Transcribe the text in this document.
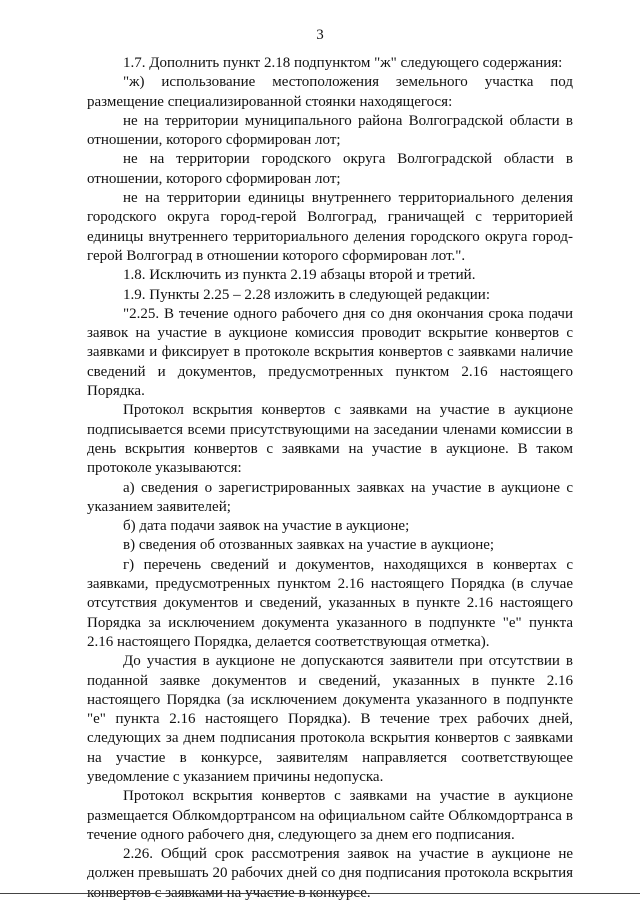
3

1.7. Дополнить пункт 2.18 подпунктом "ж" следующего содержания:

"ж) использование местоположения земельного участка под размещение специализированной стоянки находящегося:

не на территории муниципального района Волгоградской области в отношении, которого сформирован лот;

не на территории городского округа Волгоградской области в отношении, которого сформирован лот;

не на территории единицы внутреннего территориального деления городского округа город-герой Волгоград, граничащей с территорией единицы внутреннего территориального деления городского округа город-герой Волгоград в отношении которого сформирован лот.".

1.8. Исключить из пункта 2.19 абзацы второй и третий.

1.9. Пункты 2.25 – 2.28 изложить в следующей редакции:

"2.25. В течение одного рабочего дня со дня окончания срока подачи заявок на участие в аукционе комиссия проводит вскрытие конвертов с заявками и фиксирует в протоколе вскрытия конвертов с заявками наличие сведений и документов, предусмотренных пунктом 2.16 настоящего Порядка.

Протокол вскрытия конвертов с заявками на участие в аукционе подписывается всеми присутствующими на заседании членами комиссии в день вскрытия конвертов с заявками на участие в аукционе. В таком протоколе указываются:

а) сведения о зарегистрированных заявках на участие в аукционе с указанием заявителей;

б) дата подачи заявок на участие в аукционе;

в) сведения об отозванных заявках на участие в аукционе;

г) перечень сведений и документов, находящихся в конвертах с заявками, предусмотренных пунктом 2.16 настоящего Порядка (в случае отсутствия документов и сведений, указанных в пункте 2.16 настоящего Порядка за исключением документа указанного в подпункте "е" пункта 2.16 настоящего Порядка, делается соответствующая отметка).

До участия в аукционе не допускаются заявители при отсутствии в поданной заявке документов и сведений, указанных в пункте 2.16 настоящего Порядка (за исключением документа указанного в подпункте "е" пункта 2.16 настоящего Порядка). В течение трех рабочих дней, следующих за днем подписания протокола вскрытия конвертов с заявками на участие в конкурсе, заявителям направляется соответствующее уведомление с указанием причины недопуска.

Протокол вскрытия конвертов с заявками на участие в аукционе размещается Облкомдортрансом на официальном сайте Облкомдортранса в течение одного рабочего дня, следующего за днем его подписания.

2.26. Общий срок рассмотрения заявок на участие в аукционе не должен превышать 20 рабочих дней со дня подписания протокола вскрытия конвертов с заявками на участие в конкурсе.
